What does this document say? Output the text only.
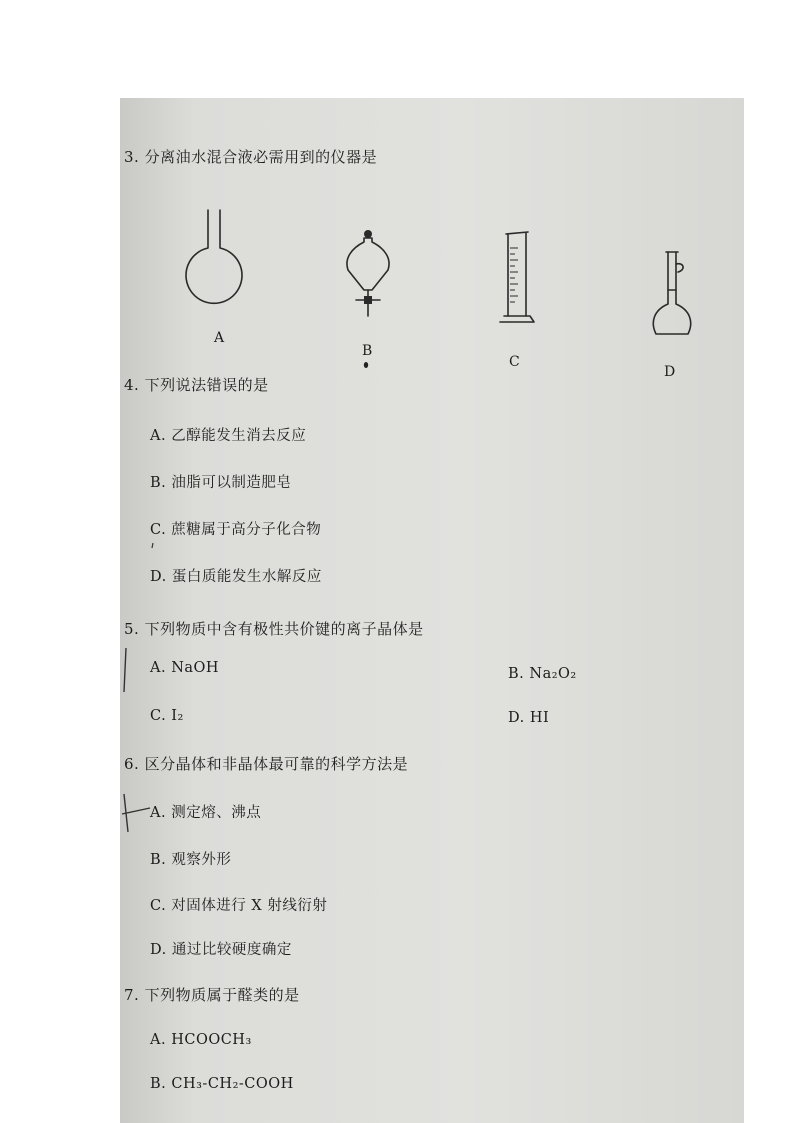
3. 分离油水混合液必需用到的仪器是
A
B
C
D
4. 下列说法错误的是
A. 乙醇能发生消去反应
B. 油脂可以制造肥皂
C. 蔗糖属于高分子化合物
D. 蛋白质能发生水解反应
5. 下列物质中含有极性共价键的离子晶体是
A. NaOH	B. Na₂O₂
C. I₂	D. HI
6. 区分晶体和非晶体最可靠的科学方法是
A. 测定熔、沸点
B. 观察外形
C. 对固体进行 X 射线衍射
D. 通过比较硬度确定
7. 下列物质属于醛类的是
A. HCOOCH₃
B. CH₃-CH₂-COOH
